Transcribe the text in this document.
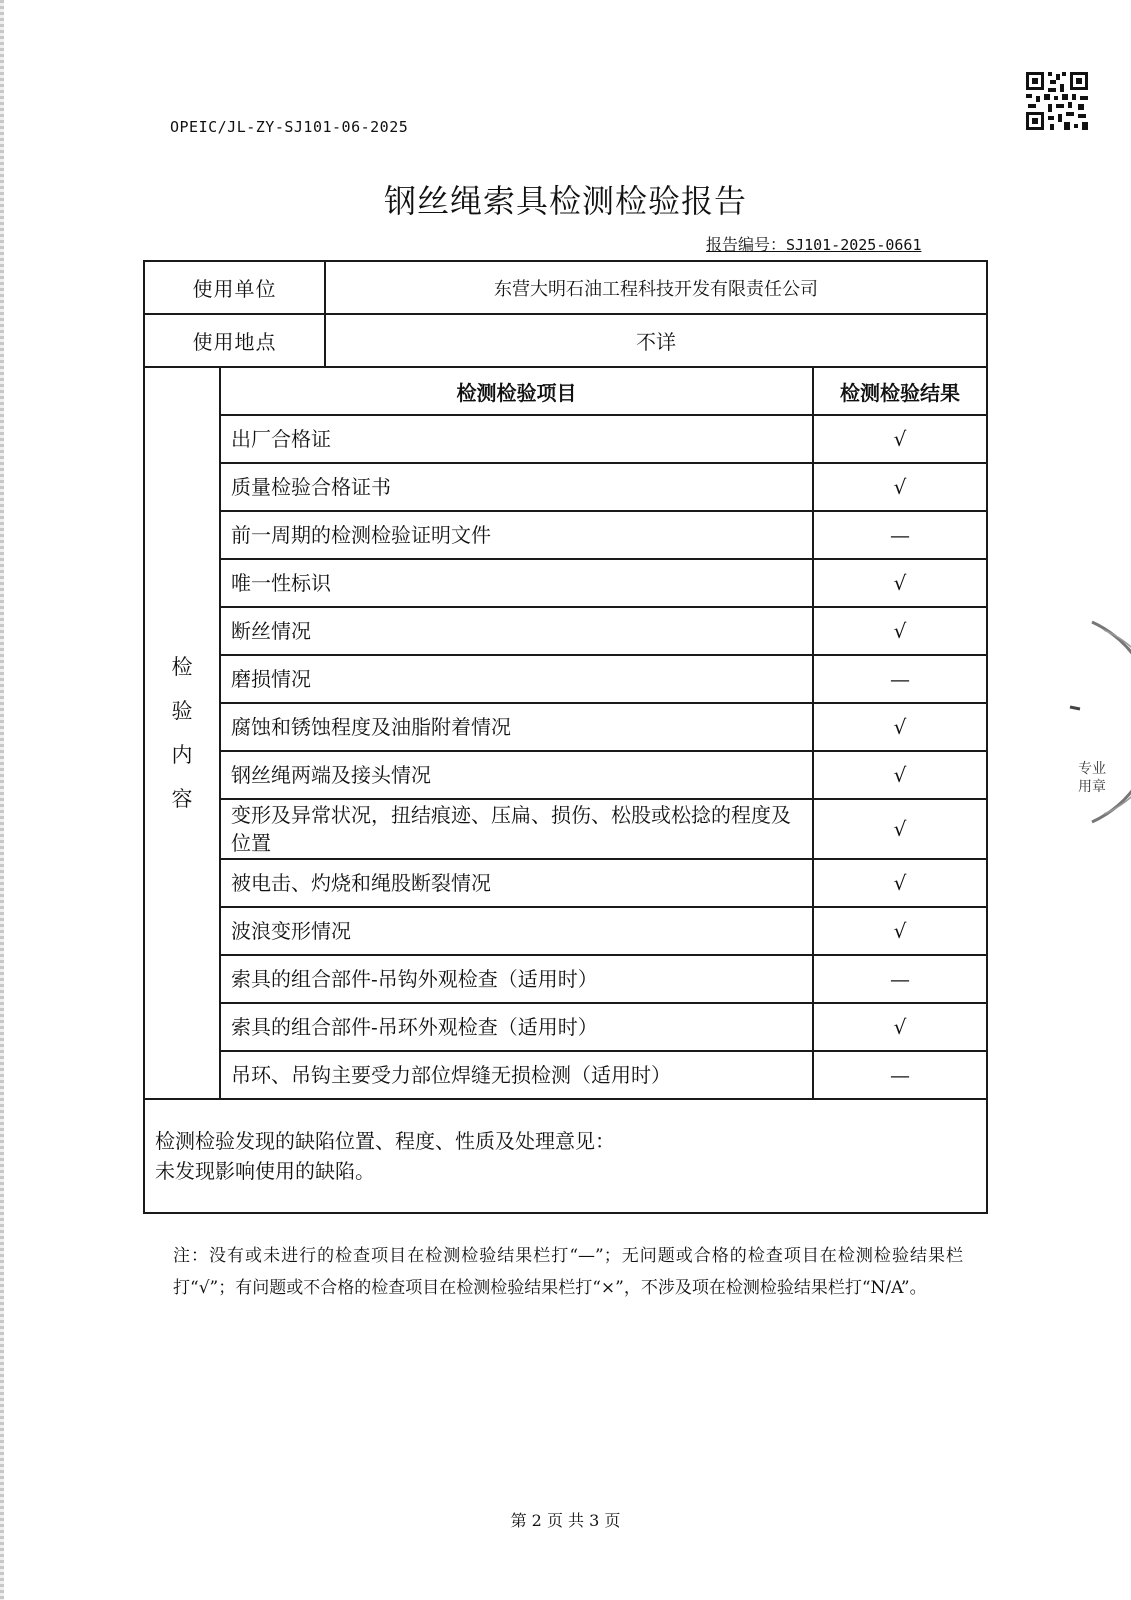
OPEIC/JL-ZY-SJ101-06-2025
钢丝绳索具检测检验报告
报告编号：SJ101-2025-0661
使用单位		东营大明石油工程科技开发有限责任公司	
使用地点		不详	
检
验
内
容	检测检验项目		检测检验结果
	出厂合格证		√
	质量检验合格证书		√
	前一周期的检测检验证明文件		—
	唯一性标识		√
	断丝情况		√
	磨损情况		—
	腐蚀和锈蚀程度及油脂附着情况		√
	钢丝绳两端及接头情况		√
	变形及异常状况，扭结痕迹、压扁、损伤、松股或松捻的程度及位置		√
	被电击、灼烧和绳股断裂情况		√
	波浪变形情况		√
	索具的组合部件-吊钩外观检查（适用时）		—
	索具的组合部件-吊环外观检查（适用时）		√
	吊环、吊钩主要受力部位焊缝无损检测（适用时）		—

检测检验发现的缺陷位置、程度、性质及处理意见：
未发现影响使用的缺陷。			
注：没有或未进行的检查项目在检测检验结果栏打“—”；无问题或合格的检查项目在检测检验结果栏打“√”；有问题或不合格的检查项目在检测检验结果栏打“×”，不涉及项在检测检验结果栏打“N/A”。
第 2 页 共 3 页
专业
用章
